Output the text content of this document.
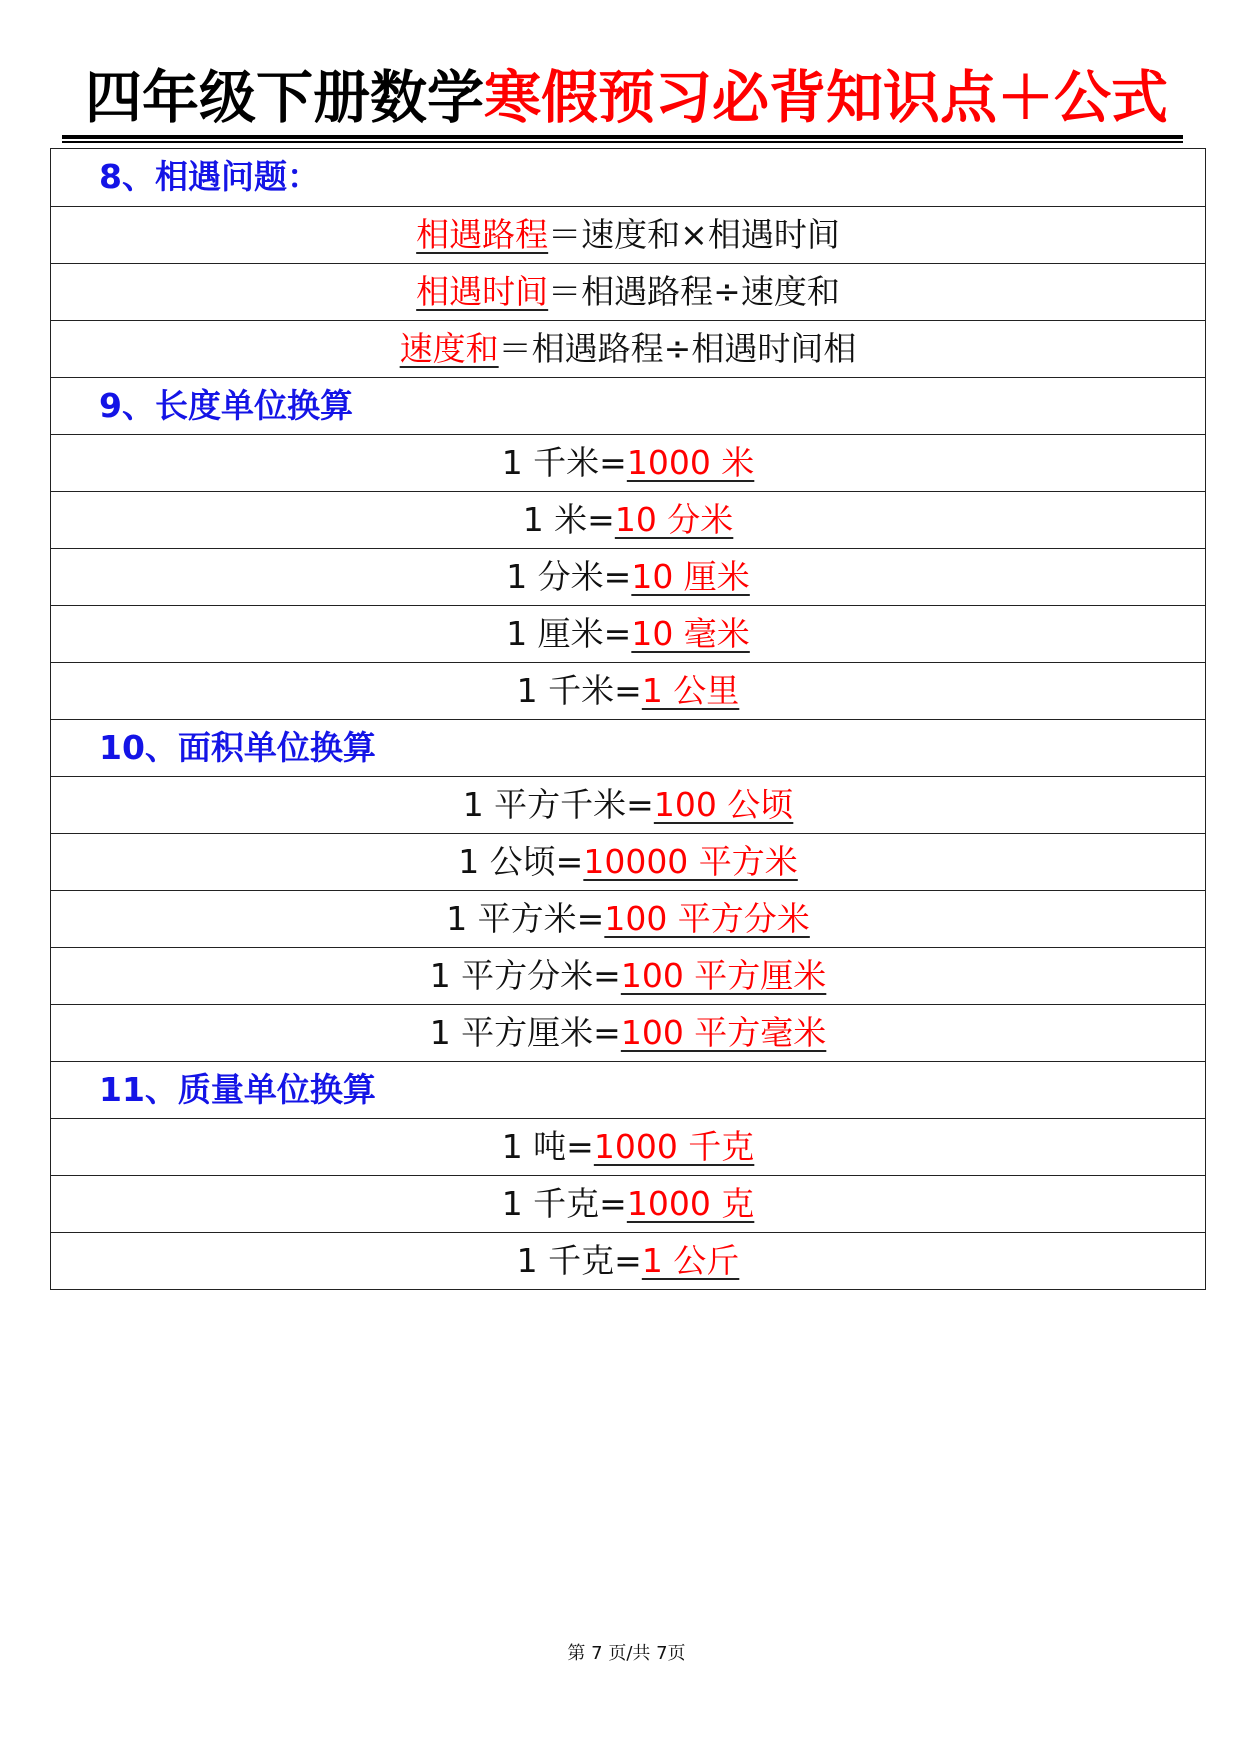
四年级下册数学寒假预习必背知识点＋公式
8、相遇问题：
相遇路程＝速度和×相遇时间
相遇时间＝相遇路程÷速度和
速度和＝相遇路程÷相遇时间相
9、长度单位换算
1 千米=1000 米
1 米=10 分米
1 分米=10 厘米
1 厘米=10 毫米
1 千米=1 公里
10、面积单位换算
1 平方千米=100 公顷
1 公顷=10000 平方米
1 平方米=100 平方分米
1 平方分米=100 平方厘米
1 平方厘米=100 平方毫米
11、质量单位换算
1 吨=1000 千克
1 千克=1000 克
1 千克=1 公斤
第 7 页/共 7页
